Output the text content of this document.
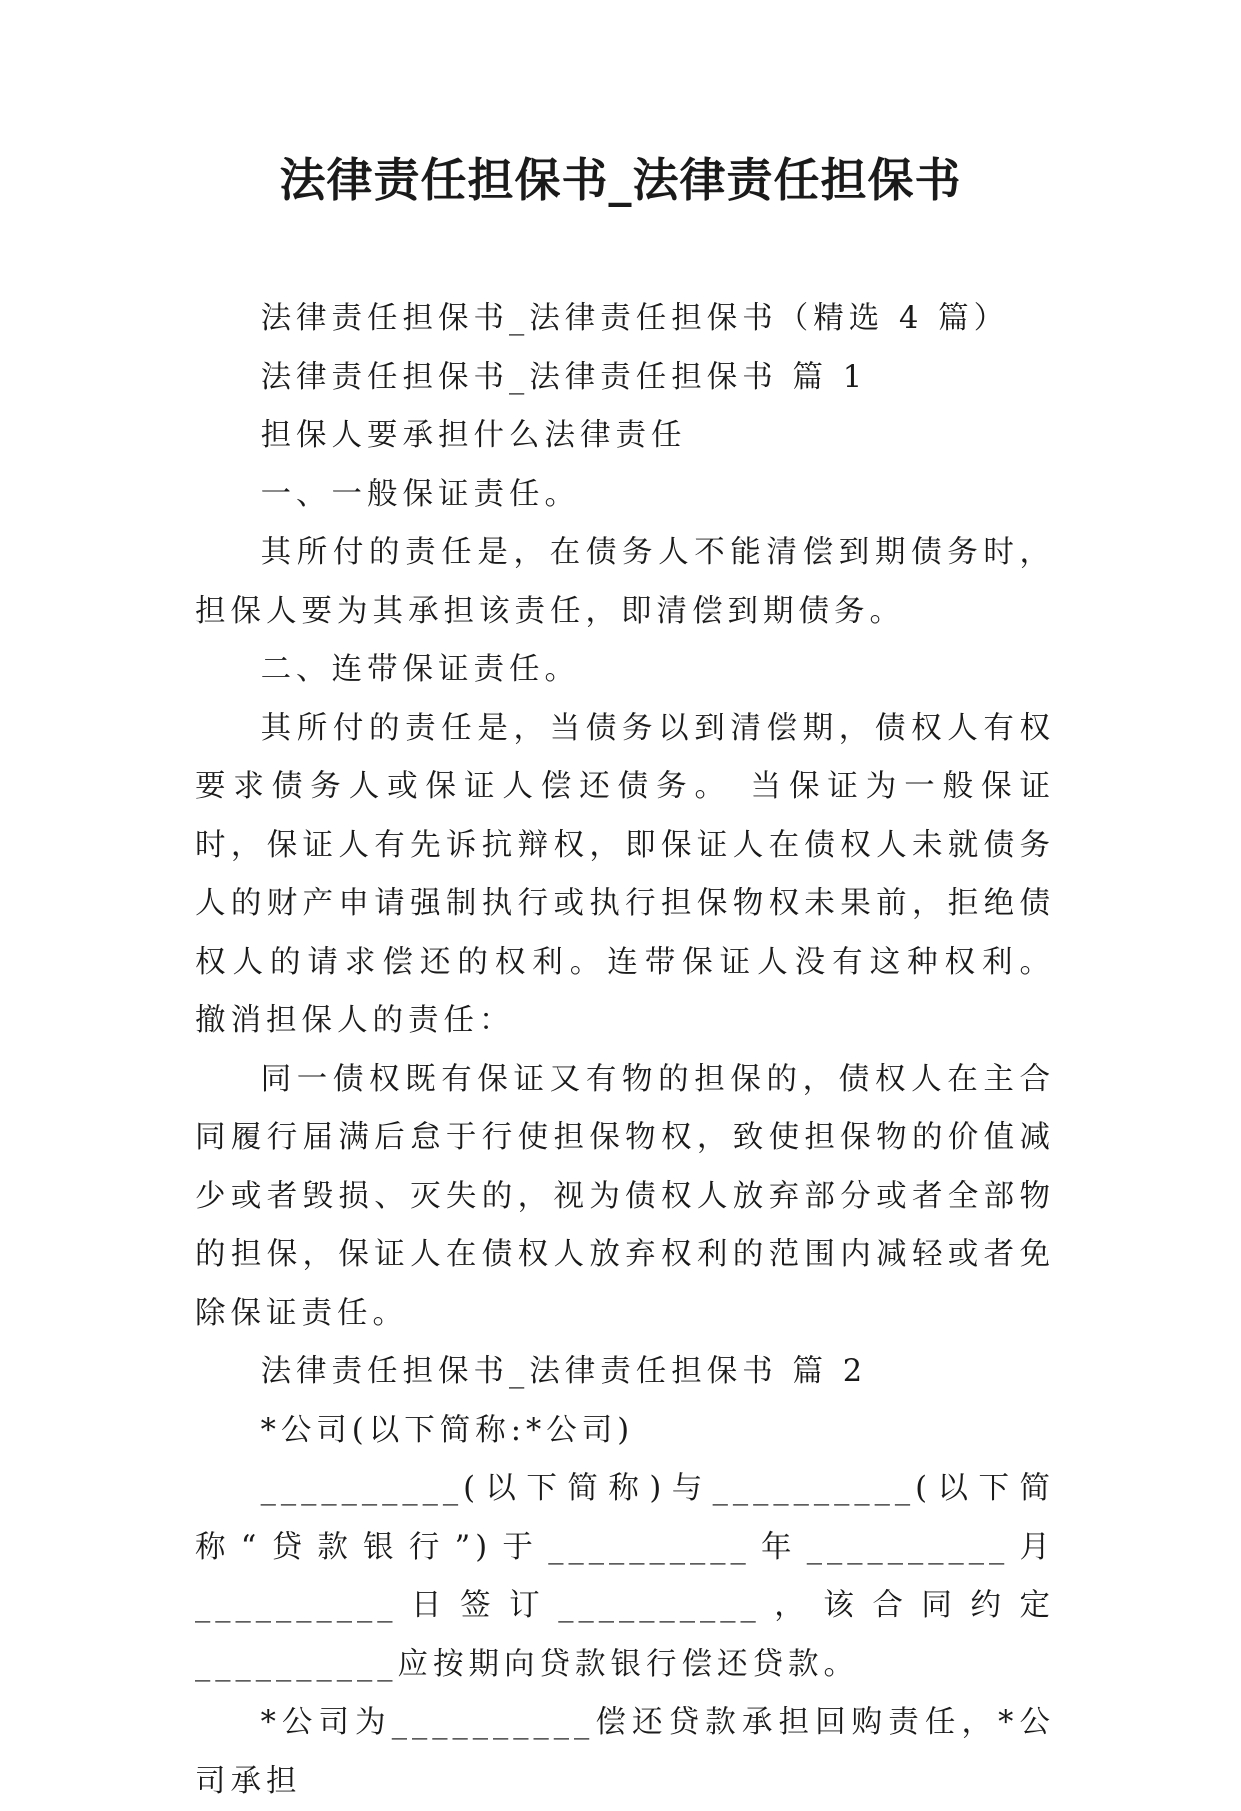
法律责任担保书_法律责任担保书

法律责任担保书_法律责任担保书（精选 4 篇）

法律责任担保书_法律责任担保书 篇 1

担保人要承担什么法律责任

一、一般保证责任。

其所付的责任是，在债务人不能清偿到期债务时，担保人要为其承担该责任，即清偿到期债务。

二、连带保证责任。

其所付的责任是，当债务以到清偿期，债权人有权要求债务人或保证人偿还债务。 当保证为一般保证时，保证人有先诉抗辩权，即保证人在债权人未就债务人的财产申请强制执行或执行担保物权未果前，拒绝债权人的请求偿还的权利。连带保证人没有这种权利。 撤消担保人的责任：

同一债权既有保证又有物的担保的，债权人在主合同履行届满后怠于行使担保物权，致使担保物的价值减少或者毁损、灭失的，视为债权人放弃部分或者全部物的担保，保证人在债权人放弃权利的范围内减轻或者免除保证责任。

法律责任担保书_法律责任担保书 篇 2

*公司(以下简称:*公司)

__________(以下简称)与__________(以下简称“贷款银行”)于__________年__________月__________日签订__________，该合同约定__________应按期向贷款银行偿还贷款。

*公司为__________偿还贷款承担回购责任，*公司承担
